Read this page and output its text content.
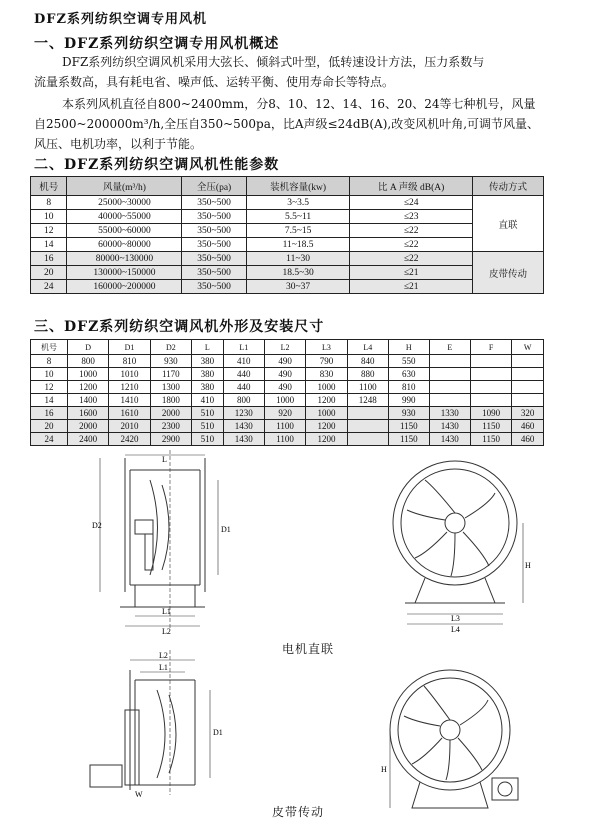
DFZ系列纺织空调专用风机
一、DFZ系列纺织空调专用风机概述
DFZ系列纺织空调风机采用大弦长、倾斜式叶型，低转速设计方法，压力系数与
流量系数高，具有耗电省、噪声低、运转平衡、使用寿命长等特点。
本系列风机直径自800~2400mm，分8、10、12、14、16、20、24等七种机号，风量
自2500~200000m³/h,全压自350~500pa，比A声级≤24dB(A),改变风机叶角,可调节风量、
风压、电机功率，以利于节能。
二、DFZ系列纺织空调风机性能参数
机号	风量(m³/h)	全压(pa)	装机容量(kw)	比 A 声级 dB(A)	传动方式
8	25000~30000	350~500	3~3.5	≤24	直联
10	40000~55000	350~500	5.5~11	≤23	
12	55000~60000	350~500	7.5~15	≤22	
14	60000~80000	350~500	11~18.5	≤22	
16	80000~130000	350~500	11~30	≤22	皮带传动
20	130000~150000	350~500	18.5~30	≤21	
24	160000~200000	350~500	30~37	≤21	
三、DFZ系列纺织空调风机外形及安装尺寸
机号	D	D1	D2	L	L1	L2	L3	L4	H	E	F	W
8	800	810	930	380	410	490	790	840	550			
10	1000	1010	1170	380	440	490	830	880	630			
12	1200	1210	1300	380	440	490	1000	1100	810			
14	1400	1410	1800	410	800	1000	1200	1248	990			
16	1600	1610	2000	510	1230	920	1000		930	1330	1090	320
20	2000	2010	2300	510	1430	1100	1200		1150	1430	1150	460
24	2400	2420	2900	510	1430	1100	1200		1150	1430	1150	460
L
D2	D1
L1
L2
H
L3
L4
电机直联
L2
L1
D1
W
H
皮带传动
